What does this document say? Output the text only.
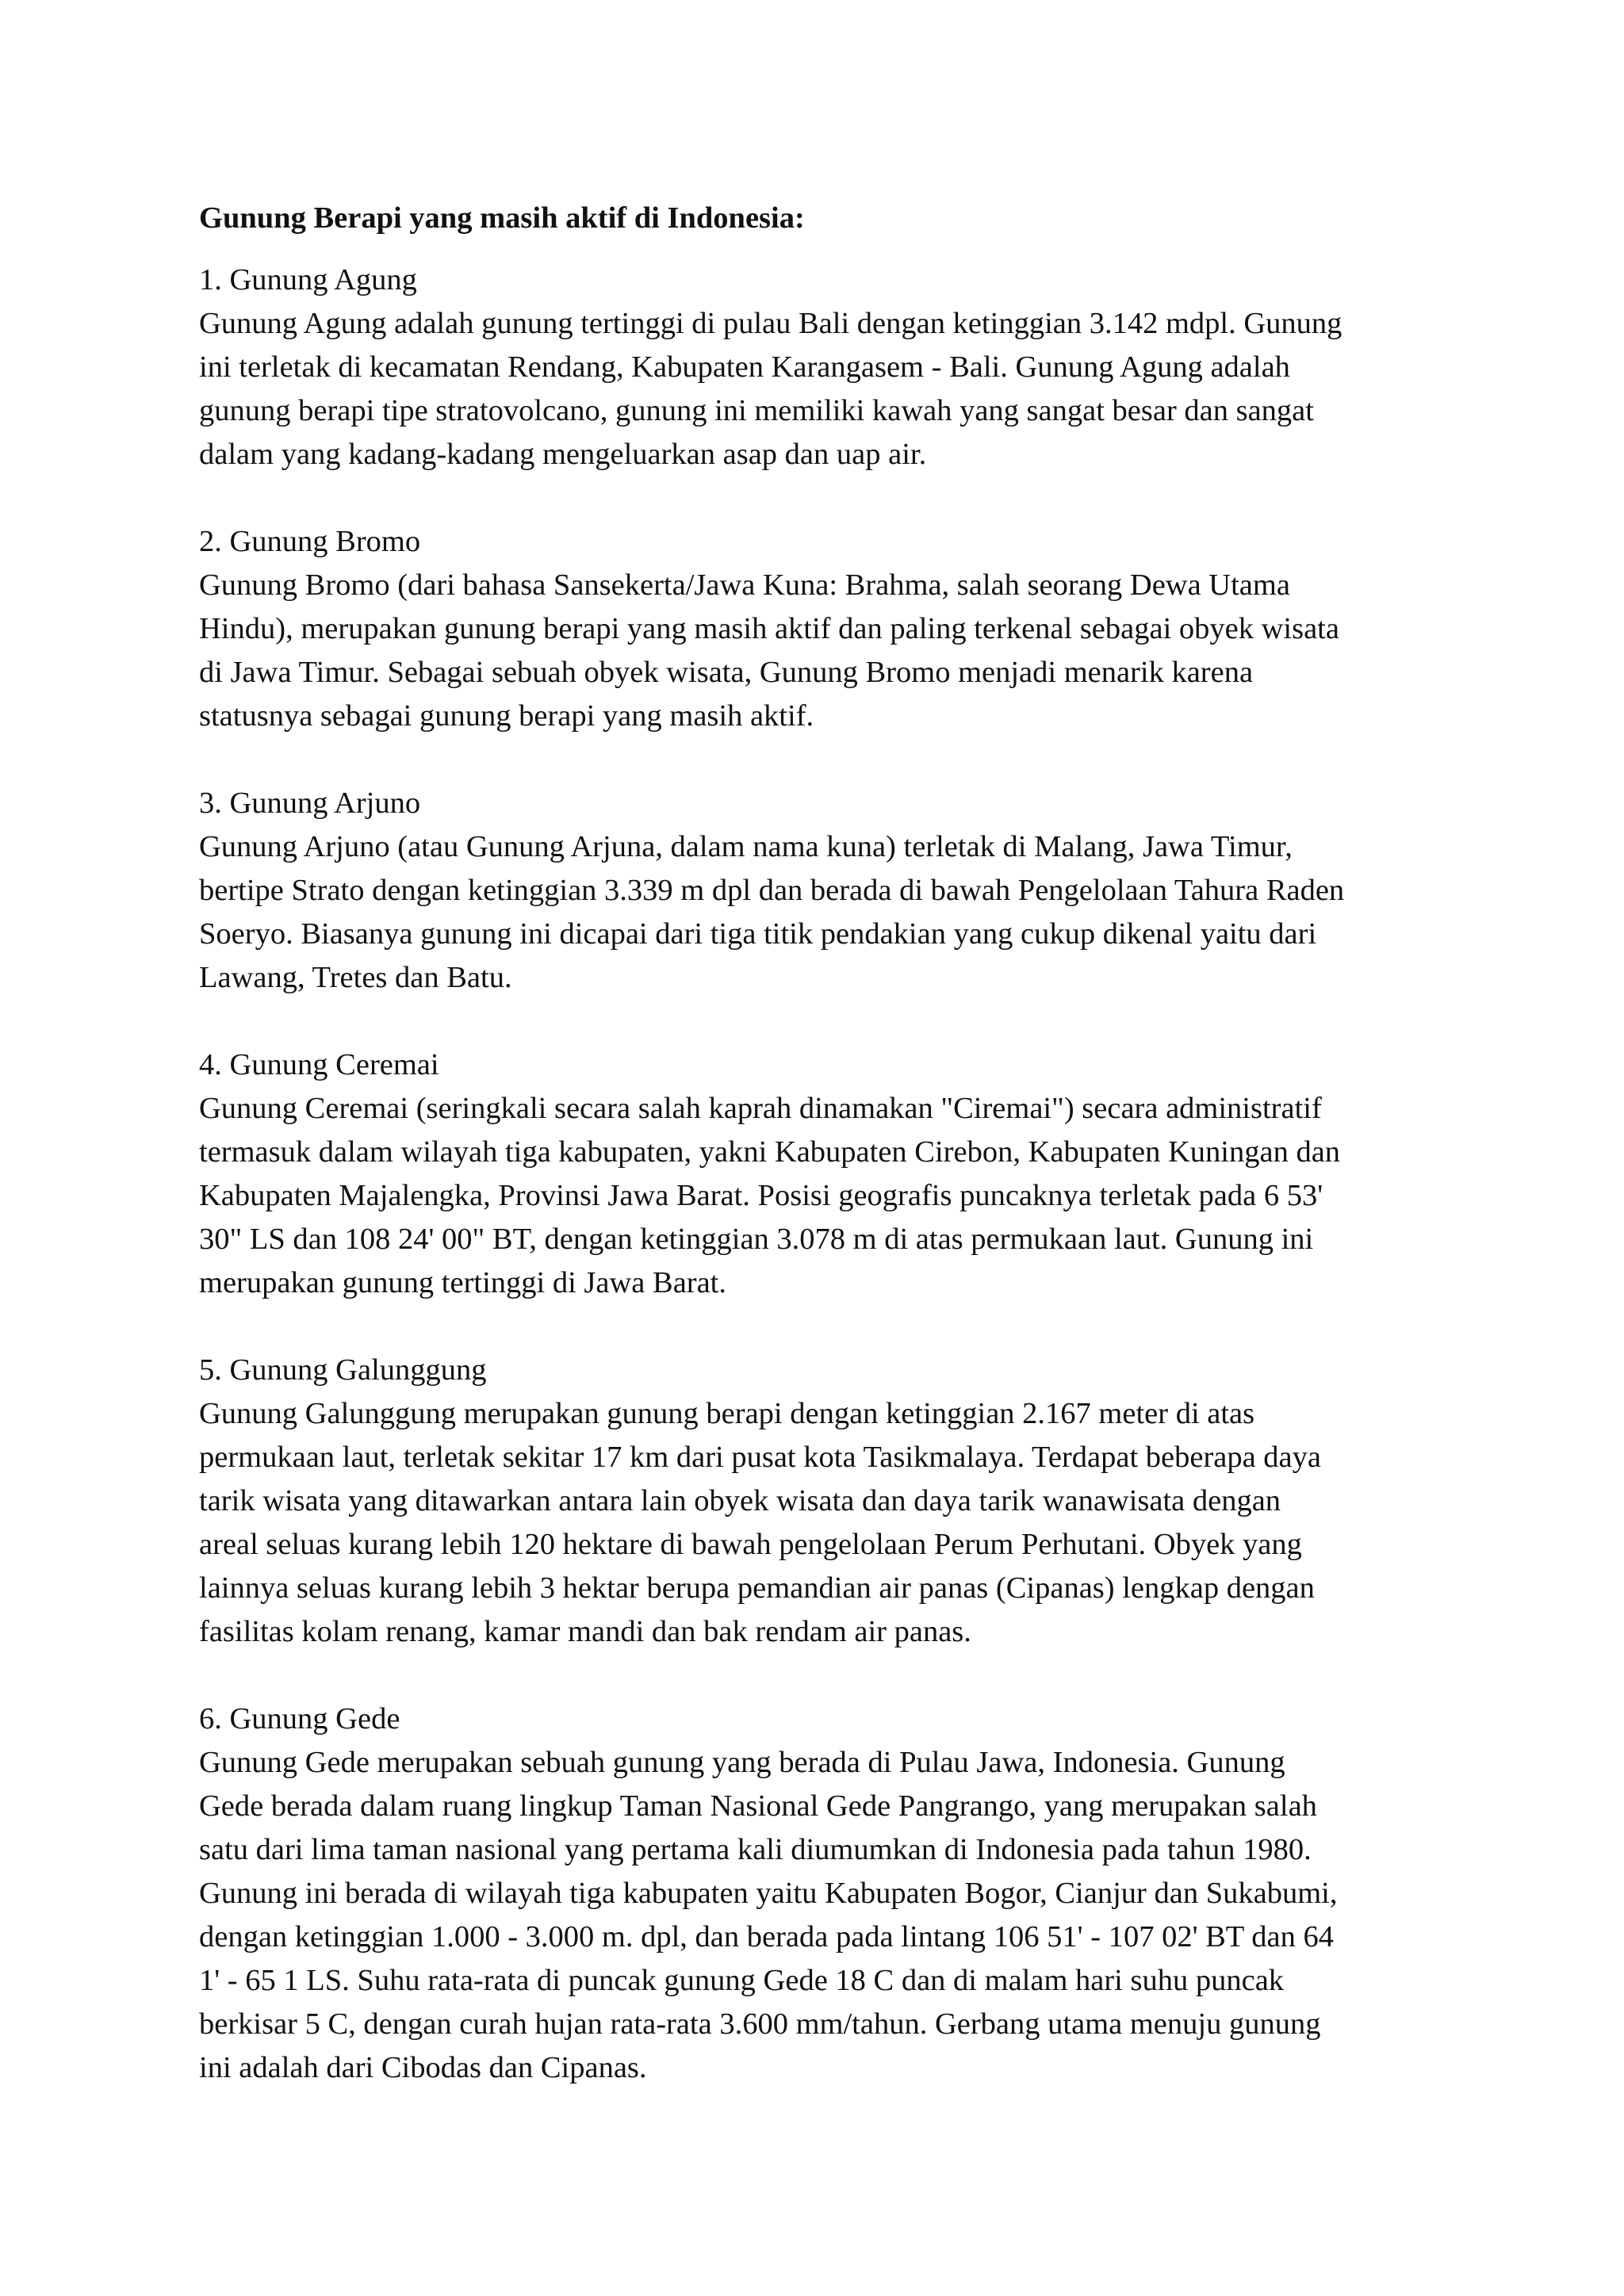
Gunung Berapi yang masih aktif di Indonesia:
1. Gunung Agung
Gunung Agung adalah gunung tertinggi di pulau Bali dengan ketinggian 3.142 mdpl. Gunung
ini terletak di kecamatan Rendang, Kabupaten Karangasem - Bali. Gunung Agung adalah
gunung berapi tipe stratovolcano, gunung ini memiliki kawah yang sangat besar dan sangat
dalam yang kadang-kadang mengeluarkan asap dan uap air.
2. Gunung Bromo
Gunung Bromo (dari bahasa Sansekerta/Jawa Kuna: Brahma, salah seorang Dewa Utama
Hindu), merupakan gunung berapi yang masih aktif dan paling terkenal sebagai obyek wisata
di Jawa Timur. Sebagai sebuah obyek wisata, Gunung Bromo menjadi menarik karena
statusnya sebagai gunung berapi yang masih aktif.
3. Gunung Arjuno
Gunung Arjuno (atau Gunung Arjuna, dalam nama kuna) terletak di Malang, Jawa Timur,
bertipe Strato dengan ketinggian 3.339 m dpl dan berada di bawah Pengelolaan Tahura Raden
Soeryo. Biasanya gunung ini dicapai dari tiga titik pendakian yang cukup dikenal yaitu dari
Lawang, Tretes dan Batu.
4. Gunung Ceremai
Gunung Ceremai (seringkali secara salah kaprah dinamakan "Ciremai") secara administratif
termasuk dalam wilayah tiga kabupaten, yakni Kabupaten Cirebon, Kabupaten Kuningan dan
Kabupaten Majalengka, Provinsi Jawa Barat. Posisi geografis puncaknya terletak pada 6 53'
30" LS dan 108 24' 00" BT, dengan ketinggian 3.078 m di atas permukaan laut. Gunung ini
merupakan gunung tertinggi di Jawa Barat.
5. Gunung Galunggung
Gunung Galunggung merupakan gunung berapi dengan ketinggian 2.167 meter di atas
permukaan laut, terletak sekitar 17 km dari pusat kota Tasikmalaya. Terdapat beberapa daya
tarik wisata yang ditawarkan antara lain obyek wisata dan daya tarik wanawisata dengan
areal seluas kurang lebih 120 hektare di bawah pengelolaan Perum Perhutani. Obyek yang
lainnya seluas kurang lebih 3 hektar berupa pemandian air panas (Cipanas) lengkap dengan
fasilitas kolam renang, kamar mandi dan bak rendam air panas.
6. Gunung Gede
Gunung Gede merupakan sebuah gunung yang berada di Pulau Jawa, Indonesia. Gunung
Gede berada dalam ruang lingkup Taman Nasional Gede Pangrango, yang merupakan salah
satu dari lima taman nasional yang pertama kali diumumkan di Indonesia pada tahun 1980.
Gunung ini berada di wilayah tiga kabupaten yaitu Kabupaten Bogor, Cianjur dan Sukabumi,
dengan ketinggian 1.000 - 3.000 m. dpl, dan berada pada lintang 106 51' - 107 02' BT dan 64
1' - 65 1 LS. Suhu rata-rata di puncak gunung Gede 18 C dan di malam hari suhu puncak
berkisar 5 C, dengan curah hujan rata-rata 3.600 mm/tahun. Gerbang utama menuju gunung
ini adalah dari Cibodas dan Cipanas.
